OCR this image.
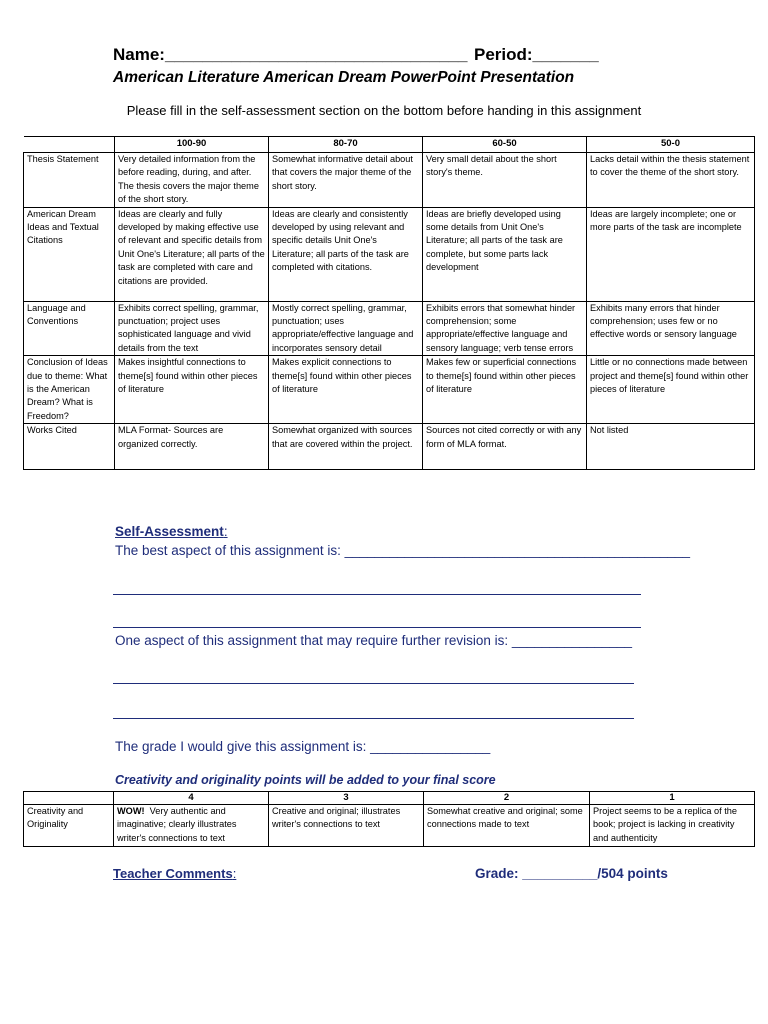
Name:________________________________ Period:_______
American Literature American Dream PowerPoint Presentation
Please fill in the self-assessment section on the bottom before handing in this assignment
	100-90	80-70	60-50	50-0
Thesis Statement	Very detailed information from the before reading, during, and after. The thesis covers the major theme of the short story.	Somewhat informative detail about that covers the major theme of the short story.	Very small detail about the short story's theme.	Lacks detail within the thesis statement to cover the theme of the short story.
American Dream Ideas and Textual Citations	Ideas are clearly and fully developed by making effective use of relevant and specific details from Unit One's Literature; all parts of the task are completed with care and citations are provided.	Ideas are clearly and consistently developed by using relevant and specific details Unit One's Literature; all parts of the task are completed with citations.	Ideas are briefly developed using some details from Unit One's Literature; all parts of the task are complete, but some parts lack development	Ideas are largely incomplete; one or more parts of the task are incomplete
Language and Conventions	Exhibits correct spelling, grammar, punctuation; project uses sophisticated language and vivid details from the text	Mostly correct spelling, grammar, punctuation; uses appropriate/effective language and incorporates sensory detail	Exhibits errors that somewhat hinder comprehension; some appropriate/effective language and sensory language; verb tense errors	Exhibits many errors that hinder comprehension; uses few or no effective words or sensory language
Conclusion of Ideas due to theme: What is the American Dream? What is Freedom?	Makes insightful connections to theme[s] found within other pieces of literature	Makes explicit connections to theme[s] found within other pieces of literature	Makes few or superficial connections to theme[s] found within other pieces of literature	Little or no connections made between project and theme[s] found within other pieces of literature
Works Cited	MLA Format- Sources are organized correctly.	Somewhat organized with sources that are covered within the project.	Sources not cited correctly or with any form of MLA format.	Not listed
Self-Assessment:
The best aspect of this assignment is: ______________________________________________
One aspect of this assignment that may require further revision is: ________________
The grade I would give this assignment is: ________________
Creativity and originality points will be added to your final score
	4	3	2	1
Creativity and Originality	WOW! Very authentic and imaginative; clearly illustrates writer's connections to text	Creative and original; illustrates writer's connections to text	Somewhat creative and original; some connections made to text	Project seems to be a replica of the book; project is lacking in creativity and authenticity
Teacher Comments:	Grade: __________/504 points
